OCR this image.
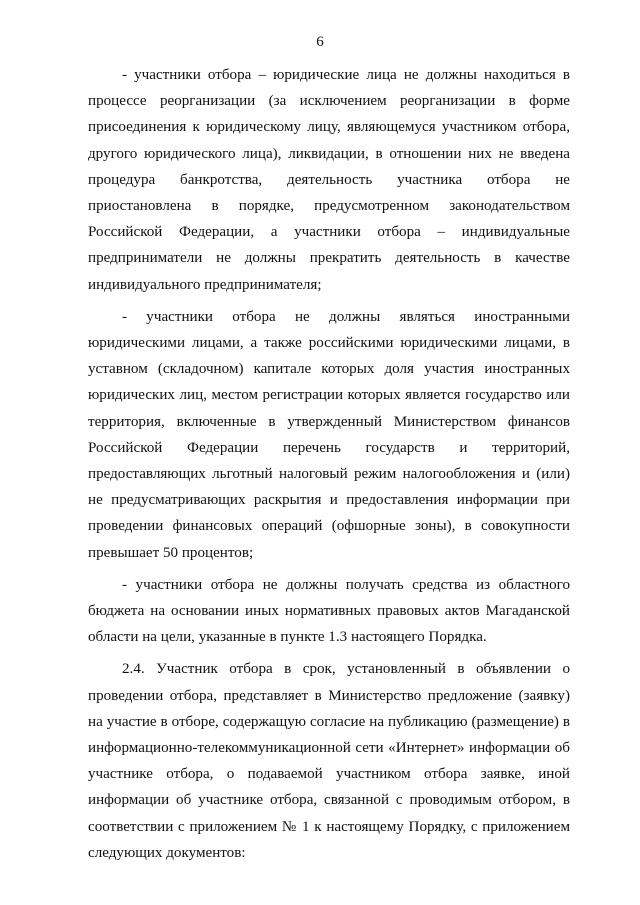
6

- участники отбора – юридические лица не должны находиться в процессе реорганизации (за исключением реорганизации в форме присоединения к юридическому лицу, являющемуся участником отбора, другого юридического лица), ликвидации, в отношении них не введена процедура банкротства, деятельность участника отбора не приостановлена в порядке, предусмотренном законодательством Российской Федерации, а участники отбора – индивидуальные предприниматели не должны прекратить деятельность в качестве индивидуального предпринимателя;

- участники отбора не должны являться иностранными юридическими лицами, а также российскими юридическими лицами, в уставном (складочном) капитале которых доля участия иностранных юридических лиц, местом регистрации которых является государство или территория, включенные в утвержденный Министерством финансов Российской Федерации перечень государств и территорий, предоставляющих льготный налоговый режим налогообложения и (или) не предусматривающих раскрытия и предоставления информации при проведении финансовых операций (офшорные зоны), в совокупности превышает 50 процентов;

- участники отбора не должны получать средства из областного бюджета на основании иных нормативных правовых актов Магаданской области на цели, указанные в пункте 1.3 настоящего Порядка.

2.4. Участник отбора в срок, установленный в объявлении о проведении отбора, представляет в Министерство предложение (заявку) на участие в отборе, содержащую согласие на публикацию (размещение) в информационно-телекоммуникационной сети «Интернет» информации об участнике отбора, о подаваемой участником отбора заявке, иной информации об участнике отбора, связанной с проводимым отбором, в соответствии с приложением № 1 к настоящему Порядку, с приложением следующих документов:
